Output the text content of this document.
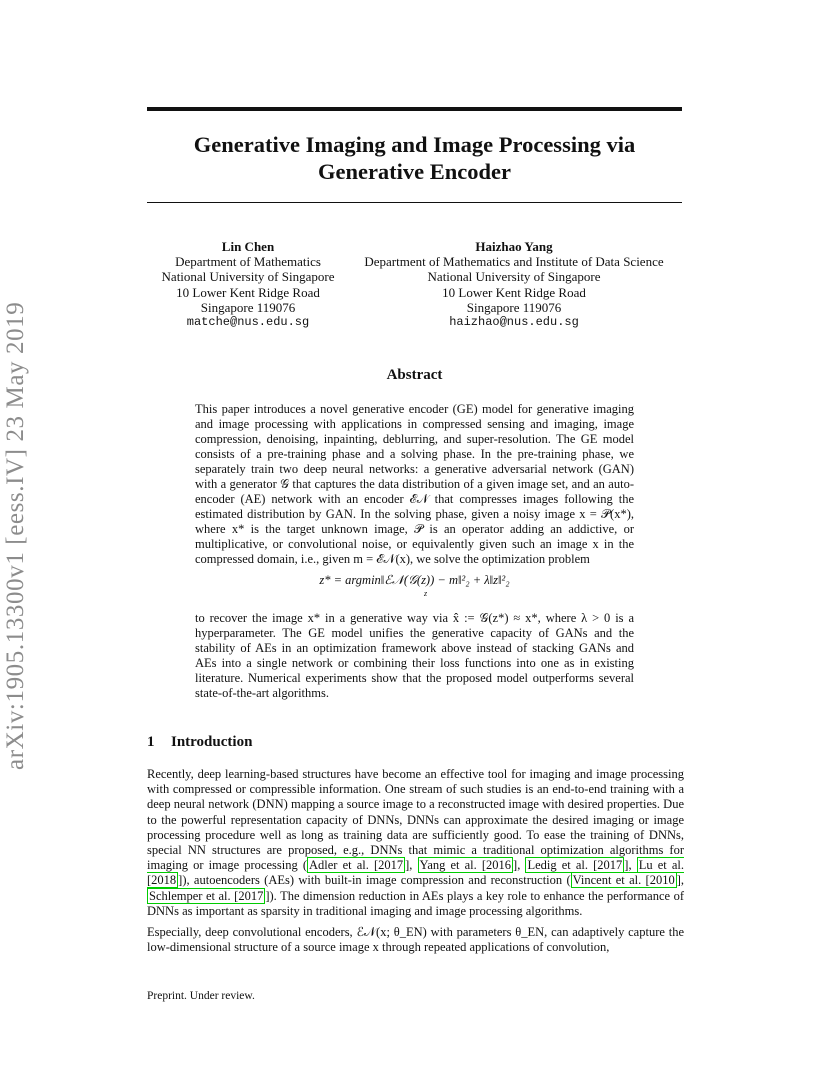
arXiv:1905.13300v1 [eess.IV] 23 May 2019
Generative Imaging and Image Processing via
Generative Encoder
Lin Chen
Department of Mathematics
National University of Singapore
10 Lower Kent Ridge Road
Singapore 119076
matche@nus.edu.sg
Haizhao Yang
Department of Mathematics and Institute of Data Science
National University of Singapore
10 Lower Kent Ridge Road
Singapore 119076
haizhao@nus.edu.sg
Abstract

This paper introduces a novel generative encoder (GE) model for generative imaging and image processing with applications in compressed sensing and imaging, image compression, denoising, inpainting, deblurring, and super-resolution. The GE model consists of a pre-training phase and a solving phase. In the pre-training phase, we separately train two deep neural networks: a generative adversarial network (GAN) with a generator 𝒢 that captures the data distribution of a given image set, and an auto-encoder (AE) network with an encoder ℰ𝒩 that compresses images following the estimated distribution by GAN. In the solving phase, given a noisy image x = 𝒫(x*), where x* is the target unknown image, 𝒫 is an operator adding an addictive, or multiplicative, or convolutional noise, or equivalently given such an image x in the compressed domain, i.e., given m = ℰ𝒩(x), we solve the optimization problem

z* = argmin‖ℰ𝒩(𝒢(z)) − m‖²₂ + λ‖z‖²₂
z

to recover the image x* in a generative way via x̂ := 𝒢(z*) ≈ x*, where λ > 0 is a hyperparameter. The GE model unifies the generative capacity of GANs and the stability of AEs in an optimization framework above instead of stacking GANs and AEs into a single network or combining their loss functions into one as in existing literature. Numerical experiments show that the proposed model outperforms several state-of-the-art algorithms.

1 Introduction

Recently, deep learning-based structures have become an effective tool for imaging and image processing with compressed or compressible information. One stream of such studies is an end-to-end training with a deep neural network (DNN) mapping a source image to a reconstructed image with desired properties. Due to the powerful representation capacity of DNNs, DNNs can approximate the desired imaging or image processing procedure well as long as training data are sufficiently good. To ease the training of DNNs, special NN structures are proposed, e.g., DNNs that mimic a traditional optimization algorithms for imaging or image processing ( Adler et al. [2017 ], Yang et al. [2016 ], Ledig et al. [2017 ], Lu et al. [2018 ]), autoencoders (AEs) with built-in image compression and reconstruction ( Vincent et al. [2010 ], Schlemper et al. [2017 ]). The dimension reduction in AEs plays a key role to enhance the performance of DNNs as important as sparsity in traditional imaging and image processing algorithms.

Especially, deep convolutional encoders, ℰ𝒩(x; θ_EN) with parameters θ_EN, can adaptively capture the low-dimensional structure of a source image x through repeated applications of convolution,

Preprint. Under review.
